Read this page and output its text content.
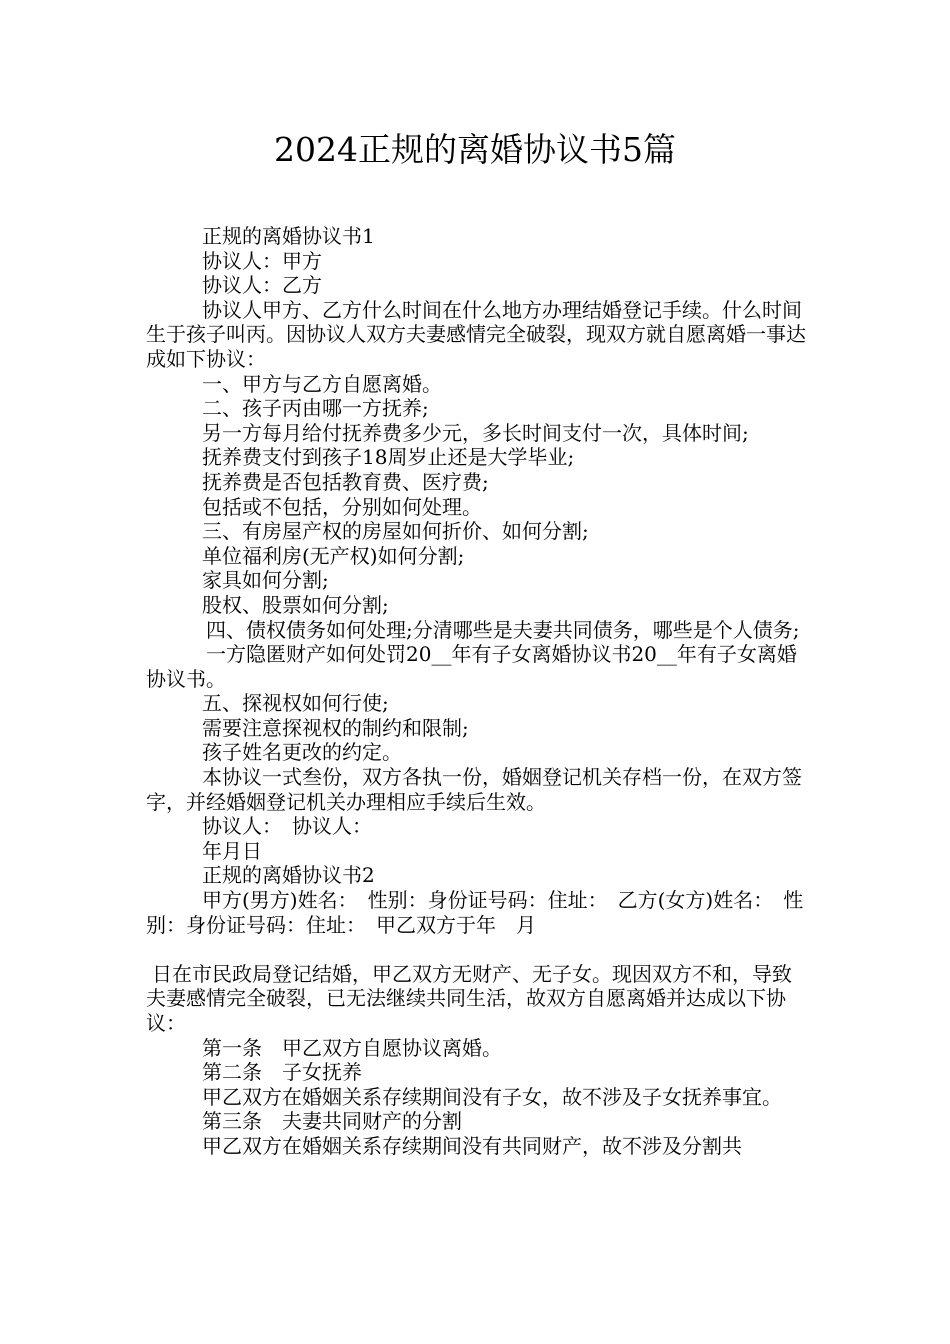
2024正规的离婚协议书5篇

正规的离婚协议书1

协议人：甲方

协议人：乙方

协议人甲方、乙方什么时间在什么地方办理结婚登记手续。什么时间生于孩子叫丙。因协议人双方夫妻感情完全破裂，现双方就自愿离婚一事达成如下协议：

一、甲方与乙方自愿离婚。

二、孩子丙由哪一方抚养;

另一方每月给付抚养费多少元，多长时间支付一次，具体时间;

抚养费支付到孩子18周岁止还是大学毕业;

抚养费是否包括教育费、医疗费;

包括或不包括，分别如何处理。

三、有房屋产权的房屋如何折价、如何分割;

单位福利房(无产权)如何分割;

家具如何分割;

股权、股票如何分割;

四、债权债务如何处理;分清哪些是夫妻共同债务，哪些是个人债务;

一方隐匿财产如何处罚20__年有子女离婚协议书20__年有子女离婚协议书。

五、探视权如何行使;

需要注意探视权的制约和限制;

孩子姓名更改的约定。

本协议一式叁份，双方各执一份，婚姻登记机关存档一份，在双方签字，并经婚姻登记机关办理相应手续后生效。

协议人：　协议人：

年月日

正规的离婚协议书2

甲方(男方)姓名：　性别：身份证号码：住址：　乙方(女方)姓名：　性别：身份证号码：住址：　甲乙双方于年　月

日在市民政局登记结婚，甲乙双方无财产、无子女。现因双方不和，导致夫妻感情完全破裂，已无法继续共同生活，故双方自愿离婚并达成以下协议：

第一条　甲乙双方自愿协议离婚。

第二条　子女抚养

甲乙双方在婚姻关系存续期间没有子女，故不涉及子女抚养事宜。

第三条　夫妻共同财产的分割

甲乙双方在婚姻关系存续期间没有共同财产，故不涉及分割共
